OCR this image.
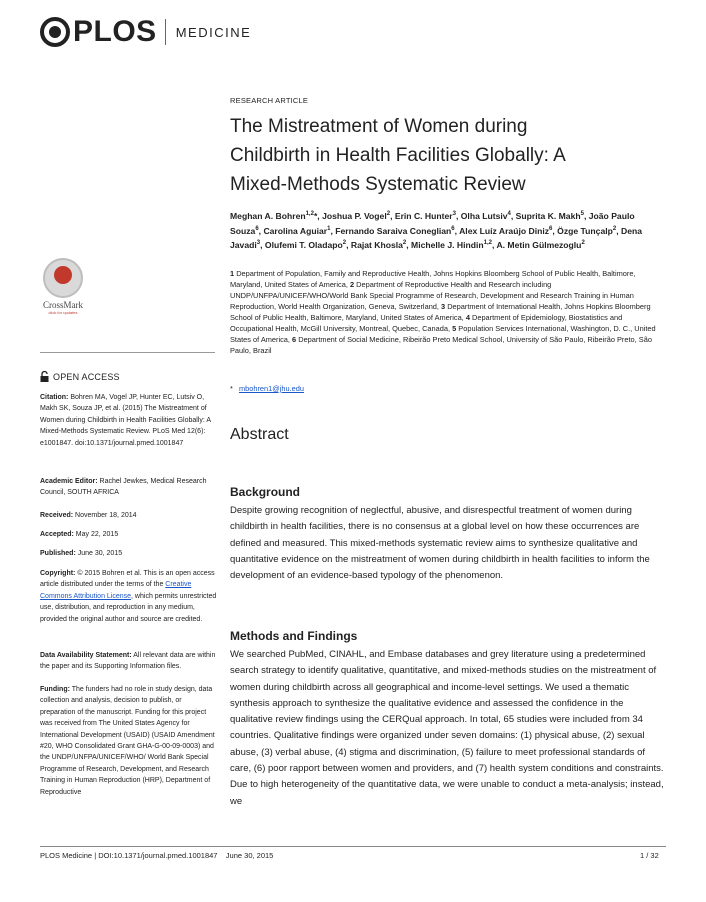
PLOS MEDICINE
CrossMark
click for updates
OPEN ACCESS
Citation: Bohren MA, Vogel JP, Hunter EC, Lutsiv O, Makh SK, Souza JP, et al. (2015) The Mistreatment of Women during Childbirth in Health Facilities Globally: A Mixed-Methods Systematic Review. PLoS Med 12(6): e1001847. doi:10.1371/journal.pmed.1001847
Academic Editor: Rachel Jewkes, Medical Research Council, SOUTH AFRICA
Received: November 18, 2014
Accepted: May 22, 2015
Published: June 30, 2015
Copyright: © 2015 Bohren et al. This is an open access article distributed under the terms of the Creative Commons Attribution License, which permits unrestricted use, distribution, and reproduction in any medium, provided the original author and source are credited.
Data Availability Statement: All relevant data are within the paper and its Supporting Information files.
Funding: The funders had no role in study design, data collection and analysis, decision to publish, or preparation of the manuscript. Funding for this project was received from The United States Agency for International Development (USAID) (USAID Amendment #20, WHO Consolidated Grant GHA-G-00-09-0003) and the UNDP/UNFPA/UNICEF/WHO/ World Bank Special Programme of Research, Development, and Research Training in Human Reproduction (HRP), Department of Reproductive
RESEARCH ARTICLE
The Mistreatment of Women during
Childbirth in Health Facilities Globally: A
Mixed-Methods Systematic Review
Meghan A. Bohren$^{1,2}$*, Joshua P. Vogel$^2$, Erin C. Hunter$^3$, Olha Lutsiv$^4$, Suprita K. Makh$^5$, João Paulo Souza$^6$, Carolina Aguiar$^1$, Fernando Saraiva Coneglian$^6$, Alex Luíz Araújo Diniz$^6$, Özge Tunçalp$^2$, Dena Javadi$^3$, Olufemi T. Oladapo$^2$, Rajat Khosla$^2$, Michelle J. Hindin$^{1,2}$, A. Metin Gülmezoglu$^2$
1 Department of Population, Family and Reproductive Health, Johns Hopkins Bloomberg School of Public Health, Baltimore, Maryland, United States of America, 2 Department of Reproductive Health and Research including UNDP/UNFPA/UNICEF/WHO/World Bank Special Programme of Research, Development and Research Training in Human Reproduction, World Health Organization, Geneva, Switzerland, 3 Department of International Health, Johns Hopkins Bloomberg School of Public Health, Baltimore, Maryland, United States of America, 4 Department of Epidemiology, Biostatistics and Occupational Health, McGill University, Montreal, Quebec, Canada, 5 Population Services International, Washington, D. C., United States of America, 6 Department of Social Medicine, Ribeirão Preto Medical School, University of São Paulo, Ribeirão Preto, São Paulo, Brazil
* mbohren1@jhu.edu
Abstract
Background
Despite growing recognition of neglectful, abusive, and disrespectful treatment of women during childbirth in health facilities, there is no consensus at a global level on how these occurrences are defined and measured. This mixed-methods systematic review aims to synthesize qualitative and quantitative evidence on the mistreatment of women during childbirth in health facilities to inform the development of an evidence-based typology of the phenomenon.
Methods and Findings
We searched PubMed, CINAHL, and Embase databases and grey literature using a predetermined search strategy to identify qualitative, quantitative, and mixed-methods studies on the mistreatment of women during childbirth across all geographical and income-level settings. We used a thematic synthesis approach to synthesize the qualitative evidence and assessed the confidence in the qualitative review findings using the CERQual approach. In total, 65 studies were included from 34 countries. Qualitative findings were organized under seven domains: (1) physical abuse, (2) sexual abuse, (3) verbal abuse, (4) stigma and discrimination, (5) failure to meet professional standards of care, (6) poor rapport between women and providers, and (7) health system conditions and constraints. Due to high heterogeneity of the quantitative data, we were unable to conduct a meta-analysis; instead, we
PLOS Medicine | DOI:10.1371/journal.pmed.1001847    June 30, 2015	1 / 32
